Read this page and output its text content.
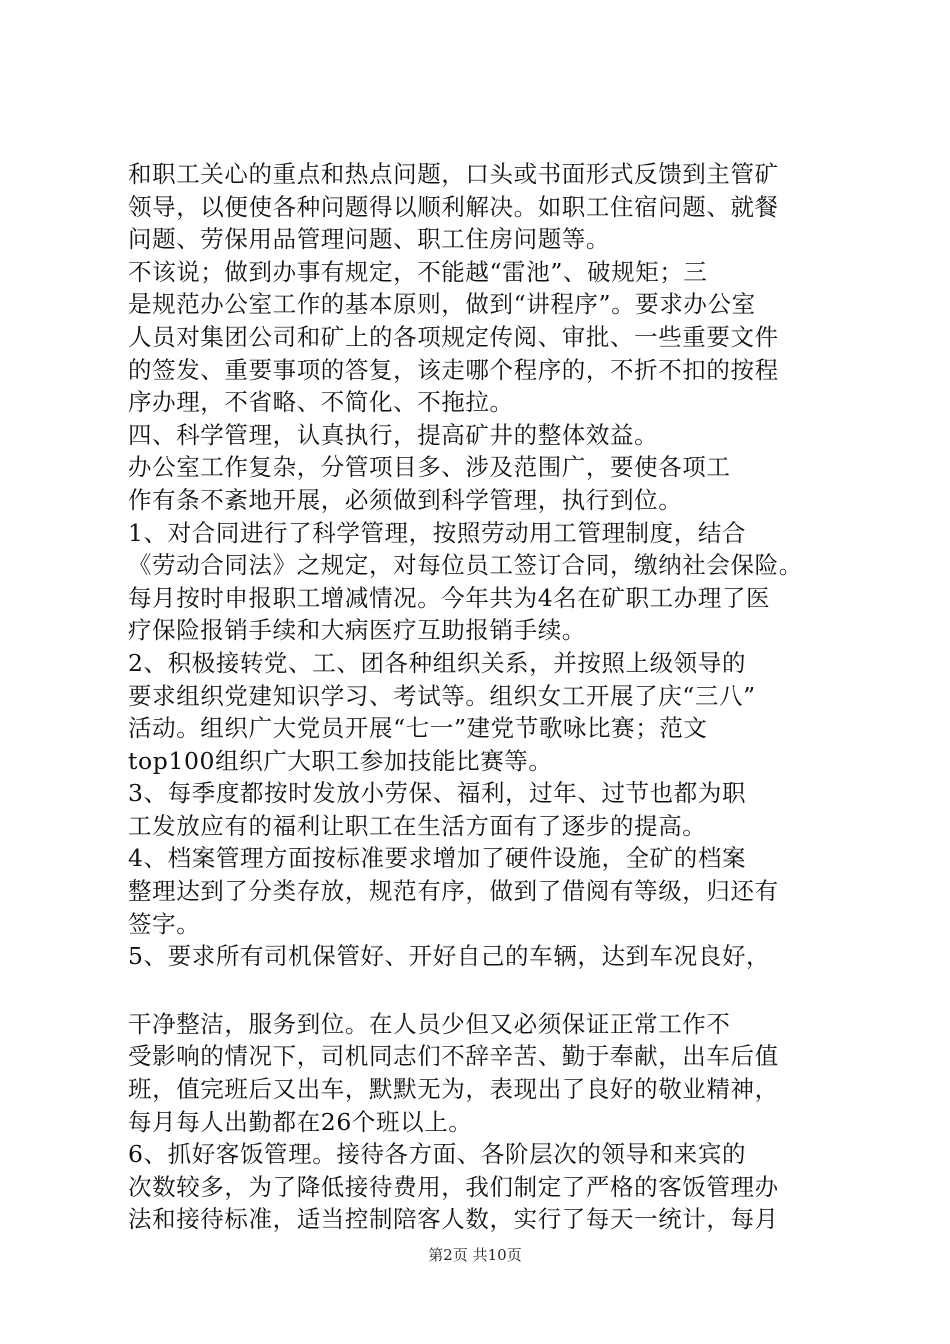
和职工关心的重点和热点问题，口头或书面形式反馈到主管矿
领导，以便使各种问题得以顺利解决。如职工住宿问题、就餐
问题、劳保用品管理问题、职工住房问题等。
不该说；做到办事有规定，不能越“雷池”、破规矩；三
是规范办公室工作的基本原则，做到“讲程序”。要求办公室
人员对集团公司和矿上的各项规定传阅、审批、一些重要文件
的签发、重要事项的答复，该走哪个程序的，不折不扣的按程
序办理，不省略、不简化、不拖拉。
四、科学管理，认真执行，提高矿井的整体效益。
办公室工作复杂，分管项目多、涉及范围广，要使各项工
作有条不紊地开展，必须做到科学管理，执行到位。
1、对合同进行了科学管理，按照劳动用工管理制度，结合
《劳动合同法》之规定，对每位员工签订合同，缴纳社会保险。
每月按时申报职工增减情况。今年共为4名在矿职工办理了医
疗保险报销手续和大病医疗互助报销手续。
2、积极接转党、工、团各种组织关系，并按照上级领导的
要求组织党建知识学习、考试等。组织女工开展了庆“三八”
活动。组织广大党员开展“七一”建党节歌咏比赛；范文
top100组织广大职工参加技能比赛等。
3、每季度都按时发放小劳保、福利，过年、过节也都为职
工发放应有的福利让职工在生活方面有了逐步的提高。
4、档案管理方面按标准要求增加了硬件设施，全矿的档案
整理达到了分类存放，规范有序，做到了借阅有等级，归还有
签字。
5、要求所有司机保管好、开好自己的车辆，达到车况良好，
干净整洁，服务到位。在人员少但又必须保证正常工作不
受影响的情况下，司机同志们不辞辛苦、勤于奉献，出车后值
班，值完班后又出车，默默无为，表现出了良好的敬业精神，
每月每人出勤都在26个班以上。
6、抓好客饭管理。接待各方面、各阶层次的领导和来宾的
次数较多，为了降低接待费用，我们制定了严格的客饭管理办
法和接待标准，适当控制陪客人数，实行了每天一统计，每月
第2页 共10页
